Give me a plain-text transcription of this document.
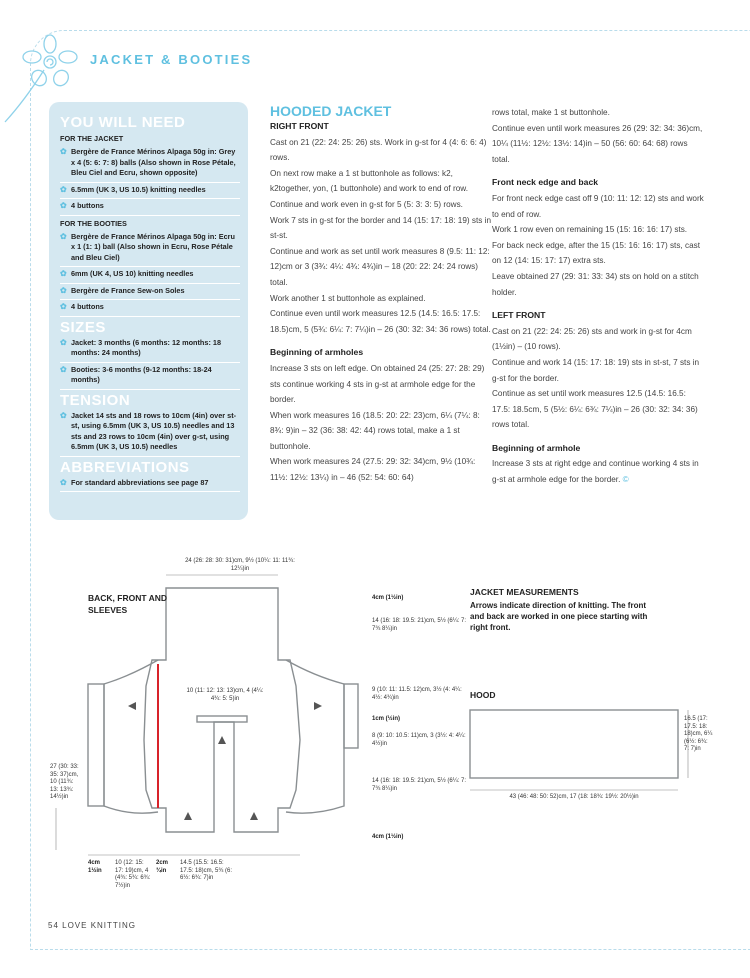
JACKET & BOOTIES
YOU WILL NEED
FOR THE JACKET
✿ Bergère de France Mérinos Alpaga 50g in: Grey x 4 (5: 6: 7: 8) balls (Also shown in Rose Pétale, Bleu Ciel and Ecru, shown opposite)
✿ 6.5mm (UK 3, US 10.5) knitting needles
✿ 4 buttons
FOR THE BOOTIES
✿ Bergère de France Mérinos Alpaga 50g in: Ecru x 1 (1: 1) ball (Also shown in Ecru, Rose Pétale and Bleu Ciel)
✿ 6mm (UK 4, US 10) knitting needles
✿ Bergère de France Sew-on Soles
✿ 4 buttons
SIZES
✿ Jacket: 3 months (6 months: 12 months: 18 months: 24 months)
✿ Booties: 3-6 months (9-12 months: 18-24 months)
TENSION
✿ Jacket 14 sts and 18 rows to 10cm (4in) over st-st, using 6.5mm (UK 3, US 10.5) needles and 13 sts and 23 rows to 10cm (4in) over g-st, using 6.5mm (UK 3, US 10.5) needles
ABBREVIATIONS
✿ For standard abbreviations see page 87
HOODED JACKET
RIGHT FRONT

Cast on 21 (22: 24: 25: 26) sts. Work in g-st for 4 (4: 6: 6: 4) rows.

On next row make a 1 st buttonhole as follows: k2, k2together, yon, (1 buttonhole) and work to end of row.

Continue and work even in g-st for 5 (5: 3: 3: 5) rows.

Work 7 sts in g-st for the border and 14 (15: 17: 18: 19) sts in st-st.

Continue and work as set until work measures 8 (9.5: 11: 12: 12)cm or 3 (3¾: 4¼: 4¾: 4¾)in – 18 (20: 22: 24: 24 rows) total.

Work another 1 st buttonhole as explained.

Continue even until work measures 12.5 (14.5: 16.5: 17.5: 18.5)cm, 5 (5¾: 6¼: 7: 7¼)in – 26 (30: 32: 34: 36 rows) total.

Beginning of armholes

Increase 3 sts on left edge. On obtained 24 (25: 27: 28: 29) sts continue working 4 sts in g-st at armhole edge for the border.

When work measures 16 (18.5: 20: 22: 23)cm, 6¼ (7¼: 8: 8¾: 9)in – 32 (36: 38: 42: 44) rows total, make a 1 st buttonhole.

When work measures 24 (27.5: 29: 32: 34)cm, 9½ (10¾: 11½: 12½: 13¼) in – 46 (52: 54: 60: 64)

rows total, make 1 st buttonhole.

Continue even until work measures 26 (29: 32: 34: 36)cm, 10¼ (11½: 12½: 13½: 14)in – 50 (56: 60: 64: 68) rows total.

Front neck edge and back

For front neck edge cast off 9 (10: 11: 12: 12) sts and work to end of row.

Work 1 row even on remaining 15 (15: 16: 16: 17) sts.

For back neck edge, after the 15 (15: 16: 16: 17) sts, cast on 12 (14: 15: 17: 17) extra sts.

Leave obtained 27 (29: 31: 33: 34) sts on hold on a stitch holder.

LEFT FRONT

Cast on 21 (22: 24: 25: 26) sts and work in g-st for 4cm (1½in) – (10 rows).

Continue and work 14 (15: 17: 18: 19) sts in st-st, 7 sts in g-st for the border.

Continue as set until work measures 12.5 (14.5: 16.5: 17.5: 18.5cm, 5 (5½: 6¼: 6¾: 7¼)in – 26 (30: 32: 34: 36) rows total.

Beginning of armhole

Increase 3 sts at right edge and continue working 4 sts in g-st at armhole edge for the border. ©

BACK, FRONT AND SLEEVES
24 (26: 28: 30: 31)cm, 9½ (10¼: 11: 11¾: 12¼)in
4cm (1½in)
14 (16: 18: 19.5: 21)cm, 5½ (6¼: 7: 7¾ 8¼)in
10 (11: 12: 13: 13)cm, 4 (4¼: 4¾: 5: 5)in
9 (10: 11: 11.5: 12)cm, 3½ (4: 4¼: 4½: 4¾)in
1cm (½in)
8 (9: 10: 10.5: 11)cm, 3 (3½: 4: 4¼: 4½)in
14 (16: 18: 19.5: 21)cm, 5½ (6¼: 7: 7¾ 8¼)in
4cm (1½in)
27 (30: 33: 35: 37)cm, 10 (11¾: 13: 13¾: 14½)in
4cm 1½in
10 (12: 15: 17: 19)cm, 4 (4¾: 5¾: 6¾: 7½)in
2cm ¾in
14.5 (15.5: 16.5: 17.5: 18)cm, 5¾ (6: 6½: 6¾: 7)in
JACKET MEASUREMENTS
Arrows indicate direction of knitting. The front and back are worked in one piece starting with right front.
HOOD
43 (46: 48: 50: 52)cm, 17 (18: 18¾: 19½: 20½)in
16.5 (17: 17.5: 18: 18)cm, 6¼ (6½: 6¾: 7: 7)in
54 LOVE KNITTING
